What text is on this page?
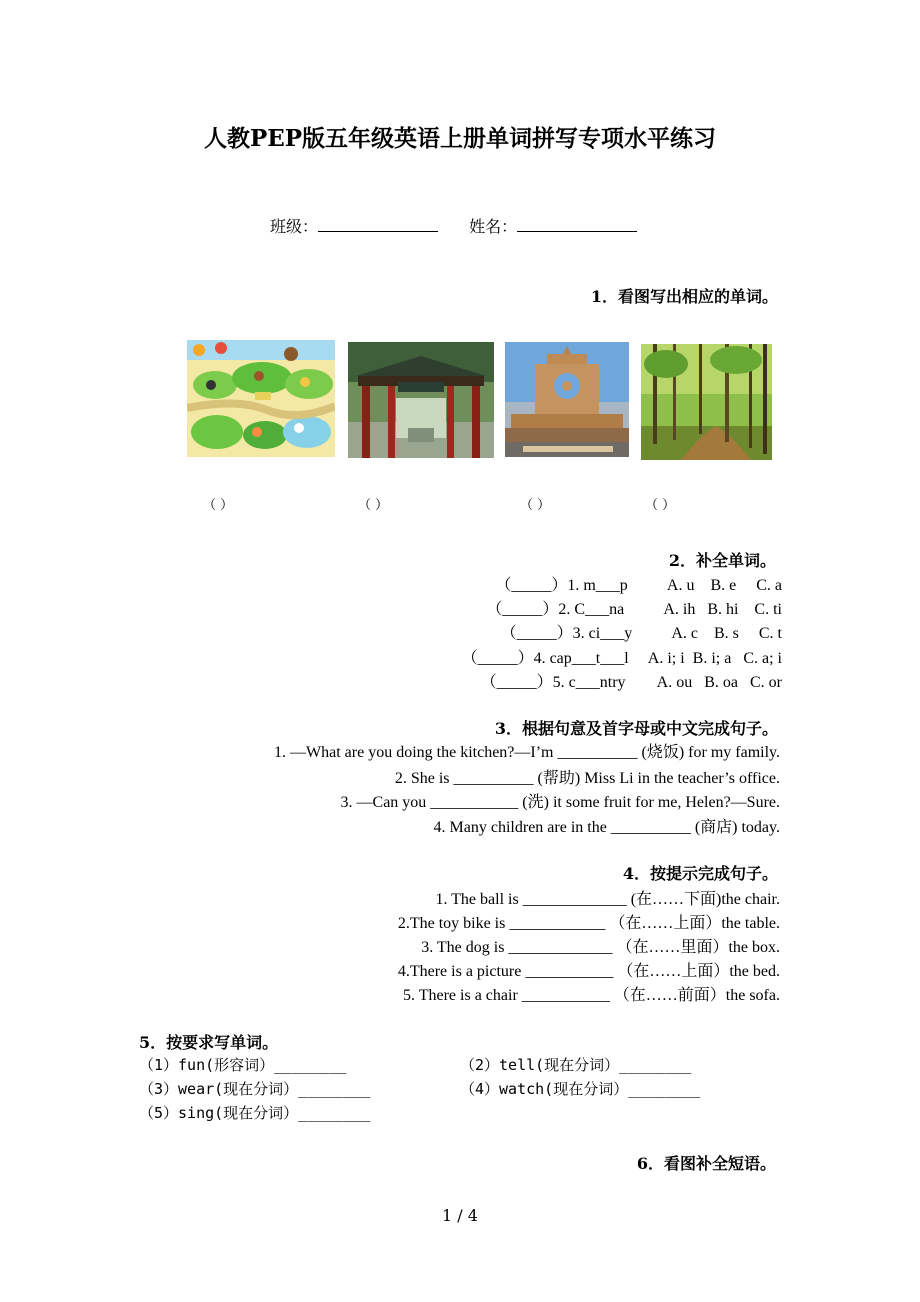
人教PEP版五年级英语上册单词拼写专项水平练习
班级：	姓名：
1．看图写出相应的单词。
（ ）	（ ）	（ ）	（ ）
2．补全单词。
（_____）1. m___p          A. u    B. e     C. a
（_____）2. C___na          A. ih   B. hi    C. ti
（_____）3. ci___y          A. c    B. s     C. t
（_____）4. cap___t___l     A. i; i  B. i; a   C. a; i
（_____）5. c___ntry        A. ou   B. oa   C. or
3．根据句意及首字母或中文完成句子。
1. —What are you doing the kitchen?—I’m __________ (烧饭) for my family.
2. She is __________ (帮助) Miss Li in the teacher’s office.
3. —Can you ___________ (洗) it some fruit for me, Helen?—Sure.
4. Many children are in the __________ (商店) today.
4．按提示完成句子。
1. The ball is _____________ (在……下面)the chair.
2.The toy bike is ____________ （在……上面）the table.
3. The dog is _____________ （在……里面）the box.
4.There is a picture ___________ （在……上面）the bed.
5. There is a chair ___________ （在……前面）the sofa.
5．按要求写单词。
（1）fun(形容词）________	（2）tell(现在分词）________
（3）wear(现在分词）________	（4）watch(现在分词）________
（5）sing(现在分词）________
6．看图补全短语。
1 / 4
